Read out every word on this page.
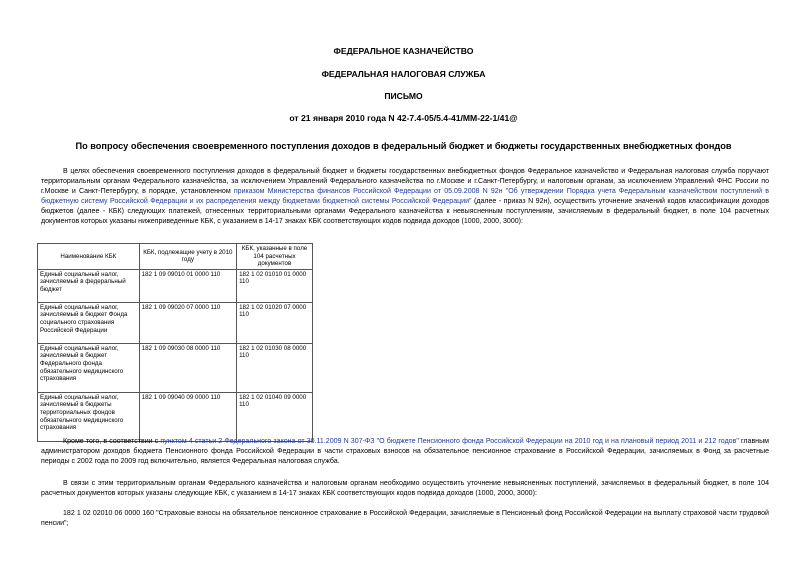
ФЕДЕРАЛЬНОЕ КАЗНАЧЕЙСТВО
ФЕДЕРАЛЬНАЯ НАЛОГОВАЯ СЛУЖБА
ПИСЬМО
от 21 января 2010 года N 42-7.4-05/5.4-41/ММ-22-1/41@
По вопросу обеспечения своевременного поступления доходов в федеральный бюджет и бюджеты государственных внебюджетных фондов
В целях обеспечения своевременного поступления доходов в федеральный бюджет и бюджеты государственных внебюджетных фондов Федеральное казначейство и Федеральная налоговая служба поручают территориальным органам Федерального казначейства, за исключением Управлений Федерального казначейства по г.Москве и г.Санкт-Петербургу, и налоговым органам, за исключением Управлений ФНС России по г.Москве и Санкт-Петербургу, в порядке, установленном приказом Министерства финансов Российской Федерации от 05.09.2008 N 92н "Об утверждении Порядка учета Федеральным казначейством поступлений в бюджетную систему Российской Федерации и их распределения между бюджетами бюджетной системы Российской Федерации" (далее - приказ N 92н), осуществить уточнение значений кодов классификации доходов бюджетов (далее - КБК) следующих платежей, отнесенных территориальными органами Федерального казначейства к невыясненным поступлениям, зачисляемым в федеральный бюджет, в поле 104 расчетных документов которых указаны нижеприведенные КБК, с указанием в 14-17 знаках КБК соответствующих кодов подвида доходов (1000, 2000, 3000):
Наименование КБК	КБК, подлежащие учету в 2010 году	КБК, указанные в поле 104 расчетных документов
Единый социальный налог, зачисляемый в федеральный бюджет	182 1 09 09010 01 0000 110	182 1 02 01010 01 0000 110
Единый социальный налог, зачисляемый в бюджет Фонда социального страхования Российской Федерации	182 1 09 09020 07 0000 110	182 1 02 01020 07 0000 110
Единый социальный налог, зачисляемый в бюджет Федерального фонда обязательного медицинского страхования	182 1 09 09030 08 0000 110	182 1 02 01030 08 0000 110
Единый социальный налог, зачисляемый в бюджеты территориальных фондов обязательного медицинского страхования	182 1 09 09040 09 0000 110	182 1 02 01040 09 0000 110
Кроме того, в соответствии с пунктом 4 статьи 2 Федерального закона от 30.11.2009 N 307-ФЗ "О бюджете Пенсионного фонда Российской Федерации на 2010 год и на плановый период 2011 и 212 годов" главным администратором доходов бюджета Пенсионного фонда Российской Федерации в части страховых взносов на обязательное пенсионное страхование в Российской Федерации, зачисляемых в Фонд за расчетные периоды с 2002 года по 2009 год включительно, является Федеральная налоговая служба.
В связи с этим территориальным органам Федерального казначейства и налоговым органам необходимо осуществить уточнение невыясненных поступлений, зачисляемых в федеральный бюджет, в поле 104 расчетных документов которых указаны следующие КБК, с указанием в 14-17 знаках КБК соответствующих кодов подвида доходов (1000, 2000, 3000):
182 1 02 02010 06 0000 160 "Страховые взносы на обязательное пенсионное страхование в Российской Федерации, зачисляемые в Пенсионный фонд Российской Федерации на выплату страховой части трудовой пенсии";
